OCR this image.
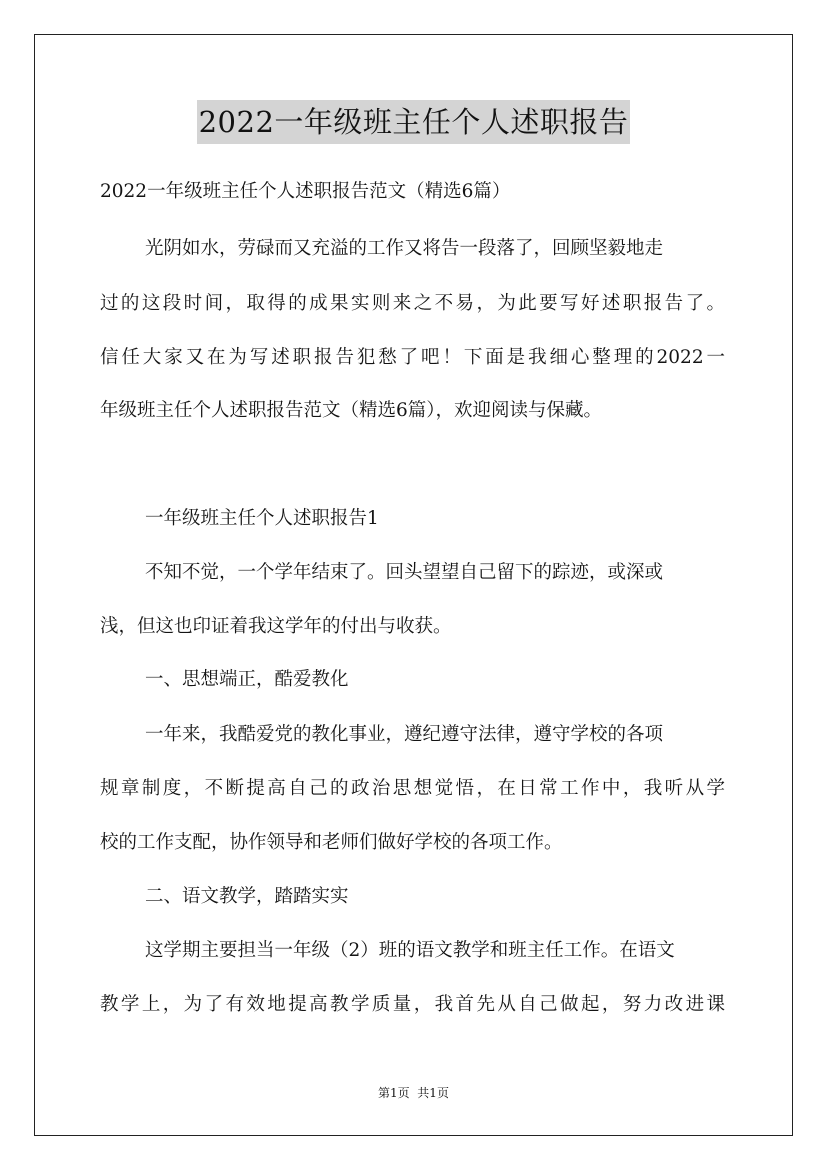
2022一年级班主任个人述职报告
2022一年级班主任个人述职报告范文（精选6篇）
光阴如水，劳碌而又充溢的工作又将告一段落了，回顾坚毅地走
过的这段时间，取得的成果实则来之不易，为此要写好述职报告了。
信任大家又在为写述职报告犯愁了吧！下面是我细心整理的2022一
年级班主任个人述职报告范文（精选6篇），欢迎阅读与保藏。
一年级班主任个人述职报告1
不知不觉，一个学年结束了。回头望望自己留下的踪迹，或深或
浅，但这也印证着我这学年的付出与收获。
一、思想端正，酷爱教化
一年来，我酷爱党的教化事业，遵纪遵守法律，遵守学校的各项
规章制度，不断提高自己的政治思想觉悟，在日常工作中，我听从学
校的工作支配，协作领导和老师们做好学校的各项工作。
二、语文教学，踏踏实实
这学期主要担当一年级（2）班的语文教学和班主任工作。在语文
教学上，为了有效地提高教学质量，我首先从自己做起，努力改进课
第1页  共1页
